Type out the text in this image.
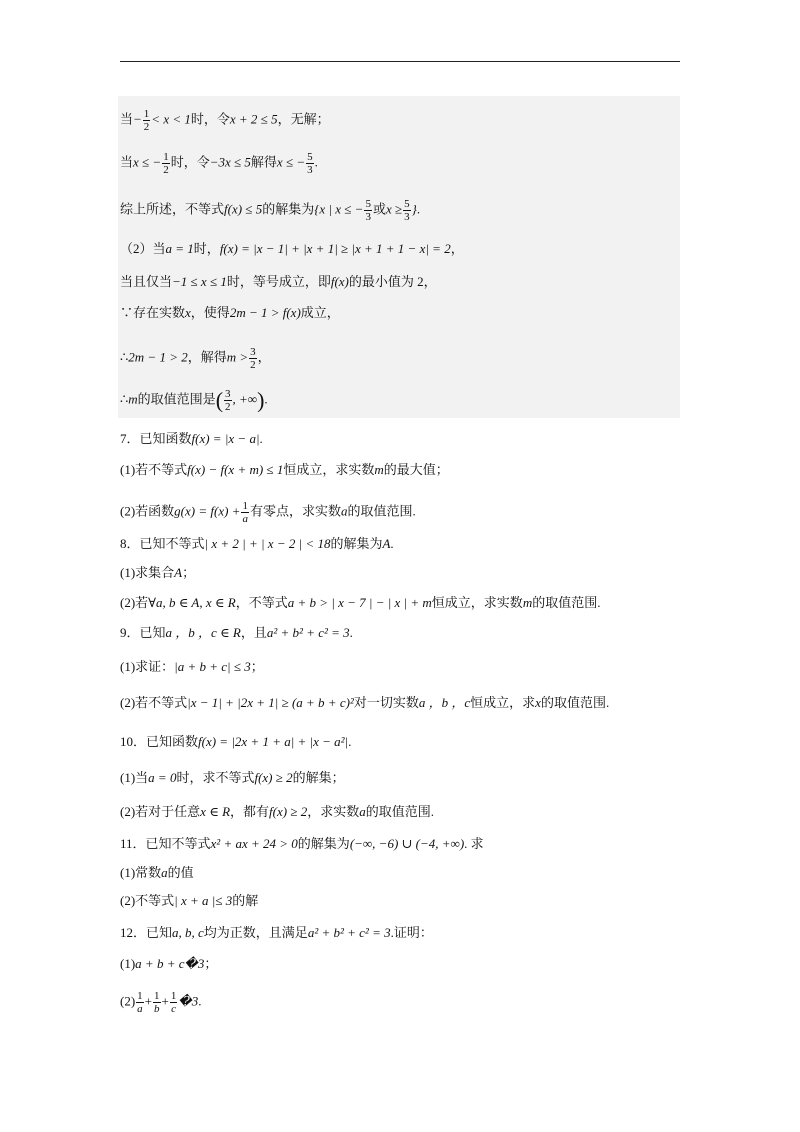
当− $\frac{1}{2} < x < 1$时，令x + 2 ≤ 5，无解；
当x ≤ − $\frac{1}{2}$ 时，令−3x ≤ 5解得x ≤ − $\frac{5}{3}$ .
综上所述，不等式f(x) ≤ 5的解集为{x | x ≤ − $\frac{5}{3}$ 或$x \ge \frac{5}{3}$ }.
（2）当a = 1时，f(x) = |x − 1| + |x + 1| ≥ |x + 1 + 1 − x| = 2，
当且仅当−1 ≤ x ≤ 1时，等号成立，即f(x)的最小值为 2，
∵存在实数x，使得2m − 1 > f(x)成立，
∴2m − 1 > 2，解得$m > \frac{3}{2}$ ，
∴m的取值范围是( $\frac{3}{2}$ , +∞).
7．已知函数f(x) = |x − a|.
(1)若不等式f(x) − f(x + m) ≤ 1恒成立，求实数m的最大值；
(2)若函数$g(x) = f(x) + \frac{1}{a}$ 有零点，求实数a的取值范围.
8．已知不等式| x + 2 | + | x − 2 | < 18的解集为A.
(1)求集合A；
(2)若∀a, b ∈ A, x ∈ R，不等式a + b > | x − 7 | − | x | + m恒成立，求实数m的取值范围.
9．已知a ，b ，c ∈ R，且a² + b² + c² = 3.
(1)求证：|a + b + c| ≤ 3；
(2)若不等式|x − 1| + |2x + 1| ≥ (a + b + c)²对一切实数a ，b ，c恒成立，求x的取值范围.
10．已知函数f(x) = |2x + 1 + a| + |x − a²|.
(1)当a = 0时，求不等式f(x) ≥ 2的解集；
(2)若对于任意x ∈ R，都有f(x) ≥ 2，求实数a的取值范围.
11．已知不等式x² + ax + 24 > 0的解集为(−∞, −6) ∪ (−4, +∞). 求
(1)常数a的值
(2)不等式| x + a |≤ 3的解
12．已知a, b, c均为正数，且满足a² + b² + c² = 3.证明：
(1)a + b + c�3；
$(2) \frac{1}{a} + \frac{1}{b} + \frac{1}{c}$ �3.
